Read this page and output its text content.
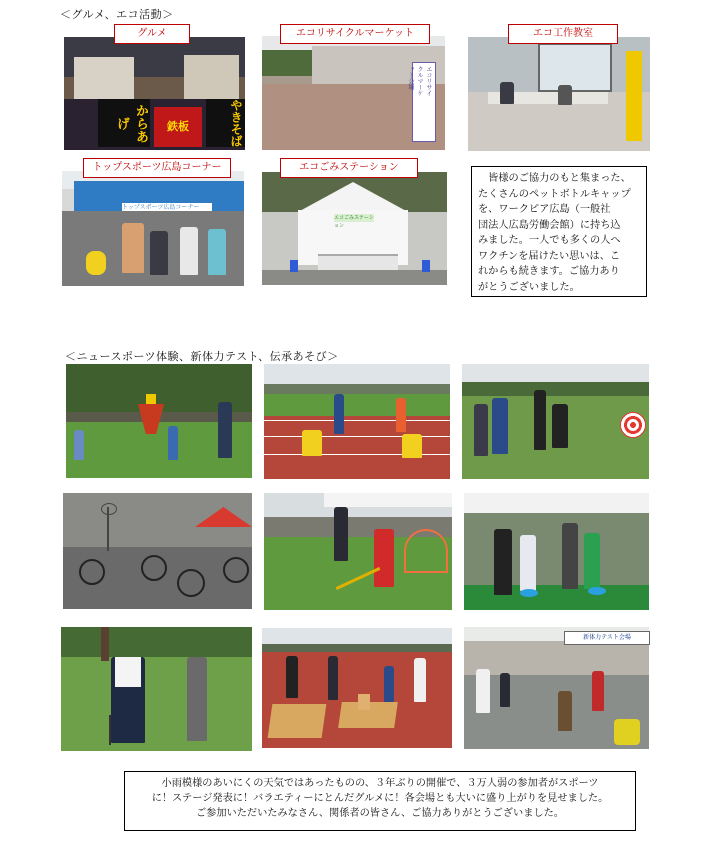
＜グルメ、エコ活動＞
からあげ	鉄板	やきそば
グルメ
エコリサイクルマーケット会場
エコリサイクルマーケット	エコ工作教室
トップスポーツ広島コーナー
トップスポーツ広島コーナー
エコごみステーション
エコごみステーション

　皆様のご協力のもと集まった、

たくさんのペットボトルキャップ

を、ワークピア広島（一般社

団法人広島労働会館）に持ち込

みました。一人でも多くの人へ

ワクチンを届けたい思いは、こ

れからも続きます。ご協力あり

がとうございました。

＜ニュースポーツ体験、新体力テスト、伝承あそび＞
新体力テスト会場

小雨模様のあいにくの天気ではあったものの、３年ぶりの開催で、３万人弱の参加者がスポーツ

に！ステージ発表に！バラエティーにとんだグルメに！各会場とも大いに盛り上がりを見せました。

ご参加いただいたみなさん、関係者の皆さん、ご協力ありがとうございました。
